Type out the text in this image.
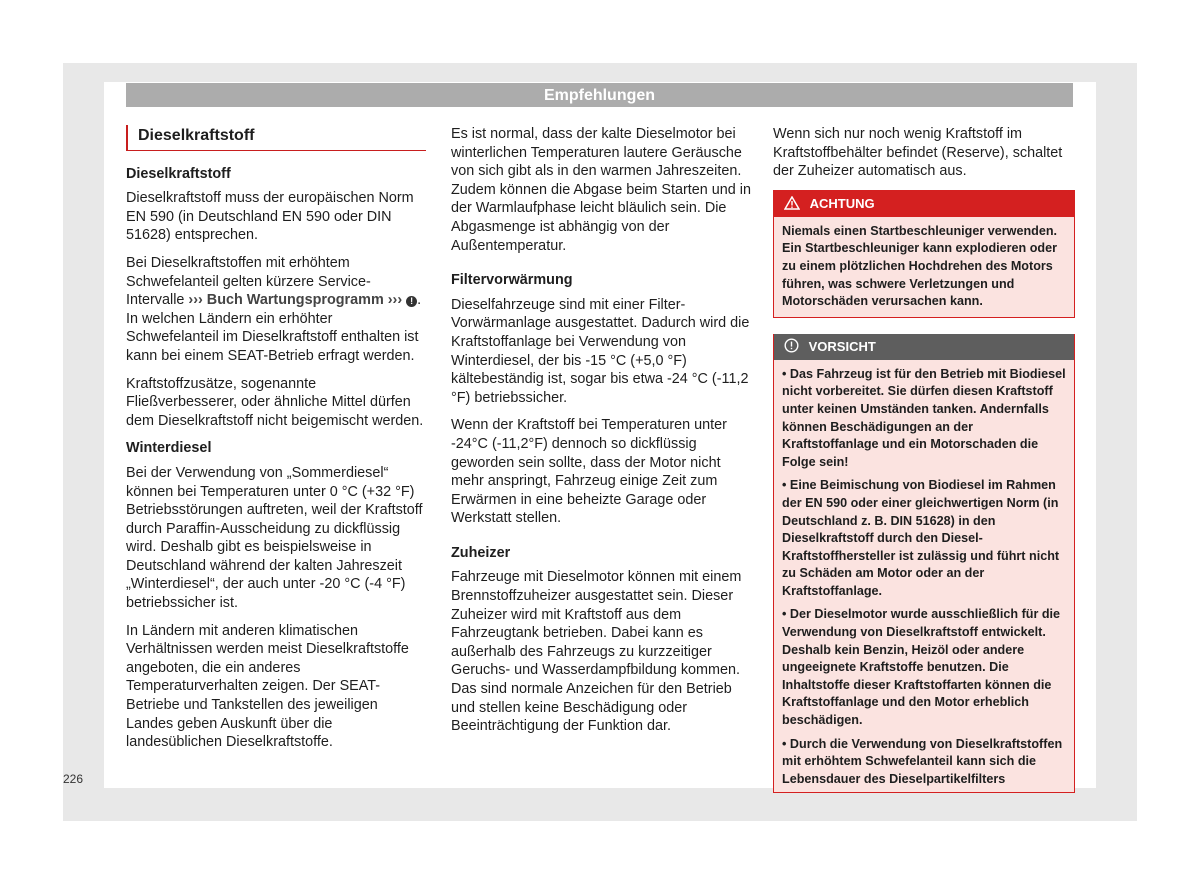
Empfehlungen
Dieselkraftstoff
Dieselkraftstoff

Dieselkraftstoff muss der europäischen Norm EN 590 (in Deutschland EN 590 oder DIN 51628) entsprechen.

Bei Dieselkraftstoffen mit erhöhtem Schwefelanteil gelten kürzere Service-Intervalle ››› Buch Wartungsprogramm ››› ! . In welchen Ländern ein erhöhter Schwefelanteil im Dieselkraftstoff enthalten ist kann bei einem SEAT-Betrieb erfragt werden.

Kraftstoffzusätze, sogenannte Fließverbesserer, oder ähnliche Mittel dürfen dem Dieselkraftstoff nicht beigemischt werden.

Winterdiesel

Bei der Verwendung von „Sommerdiesel“ können bei Temperaturen unter 0 °C (+32 °F) Betriebsstörungen auftreten, weil der Kraftstoff durch Paraffin-Ausscheidung zu dickflüssig wird. Deshalb gibt es beispielsweise in Deutschland während der kalten Jahreszeit „Winterdiesel“, der auch unter -20 °C (-4 °F) betriebssicher ist.

In Ländern mit anderen klimatischen Verhältnissen werden meist Dieselkraftstoffe angeboten, die ein anderes Temperaturverhalten zeigen. Der SEAT-Betriebe und Tankstellen des jeweiligen Landes geben Auskunft über die landesüblichen Dieselkraftstoffe.

Es ist normal, dass der kalte Dieselmotor bei winterlichen Temperaturen lautere Geräusche von sich gibt als in den warmen Jahreszeiten. Zudem können die Abgase beim Starten und in der Warmlaufphase leicht bläulich sein. Die Abgasmenge ist abhängig von der Außentemperatur.

Filtervorwärmung

Dieselfahrzeuge sind mit einer Filter-Vorwärmanlage ausgestattet. Dadurch wird die Kraftstoffanlage bei Verwendung von Winterdiesel, der bis -15 °C (+5,0 °F) kältebeständig ist, sogar bis etwa -24 °C (-11,2 °F) betriebssicher.

Wenn der Kraftstoff bei Temperaturen unter -24°C (-11,2°F) dennoch so dickflüssig geworden sein sollte, dass der Motor nicht mehr anspringt, Fahrzeug einige Zeit zum Erwärmen in eine beheizte Garage oder Werkstatt stellen.

Zuheizer

Fahrzeuge mit Dieselmotor können mit einem Brennstoffzuheizer ausgestattet sein. Dieser Zuheizer wird mit Kraftstoff aus dem Fahrzeugtank betrieben. Dabei kann es außerhalb des Fahrzeugs zu kurzzeitiger Geruchs- und Wasserdampfbildung kommen. Das sind normale Anzeichen für den Betrieb und stellen keine Beschädigung oder Beeinträchtigung der Funktion dar.

Wenn sich nur noch wenig Kraftstoff im Kraftstoffbehälter befindet (Reserve), schaltet der Zuheizer automatisch aus.

ACHTUNG
Niemals einen Startbeschleuniger verwenden. Ein Startbeschleuniger kann explodieren oder zu einem plötzlichen Hochdrehen des Motors führen, was schwere Verletzungen und Motorschäden verursachen kann.
VORSICHT
• Das Fahrzeug ist für den Betrieb mit Biodiesel nicht vorbereitet. Sie dürfen diesen Kraftstoff unter keinen Umständen tanken. Andernfalls können Beschädigungen an der Kraftstoffanlage und ein Motorschaden die Folge sein!
• Eine Beimischung von Biodiesel im Rahmen der EN 590 oder einer gleichwertigen Norm (in Deutschland z. B. DIN 51628) in den Dieselkraftstoff durch den Diesel-Kraftstoffhersteller ist zulässig und führt nicht zu Schäden am Motor oder an der Kraftstoffanlage.
• Der Dieselmotor wurde ausschließlich für die Verwendung von Dieselkraftstoff entwickelt. Deshalb kein Benzin, Heizöl oder andere ungeeignete Kraftstoffe benutzen. Die Inhaltstoffe dieser Kraftstoffarten können die Kraftstoffanlage und den Motor erheblich beschädigen.
• Durch die Verwendung von Dieselkraftstoffen mit erhöhtem Schwefelanteil kann sich die Lebensdauer des Dieselpartikelfilters
226
